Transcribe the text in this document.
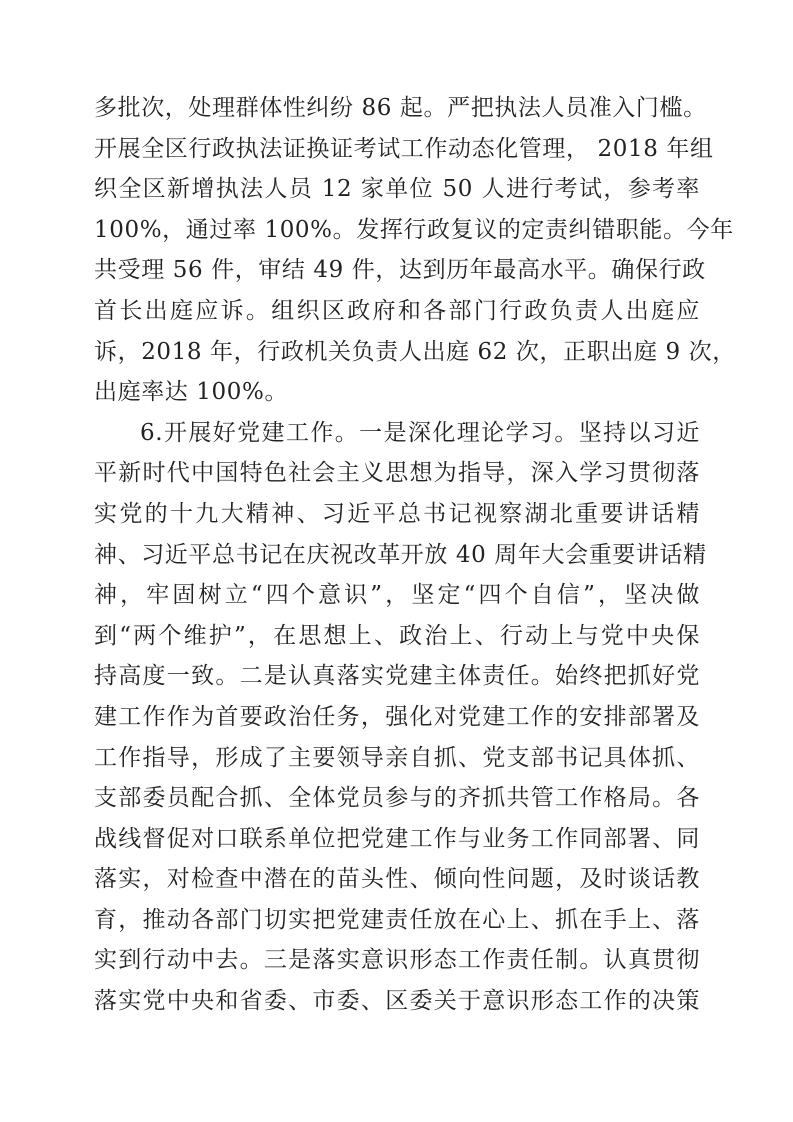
多批次，处理群体性纠纷 86 起。严把执法人员准入门槛。
开展全区行政执法证换证考试工作动态化管理， 2018 年组
织全区新增执法人员 12 家单位 50 人进行考试，参考率
100%，通过率 100%。发挥行政复议的定责纠错职能。今年
共受理 56 件，审结 49 件，达到历年最高水平。确保行政
首长出庭应诉。组织区政府和各部门行政负责人出庭应
诉，2018 年，行政机关负责人出庭 62 次，正职出庭 9 次，
出庭率达 100%。
6.开展好党建工作。一是深化理论学习。坚持以习近
平新时代中国特色社会主义思想为指导，深入学习贯彻落
实党的十九大精神、习近平总书记视察湖北重要讲话精
神、习近平总书记在庆祝改革开放 40 周年大会重要讲话精
神，牢固树立“四个意识”，坚定“四个自信”，坚决做
到“两个维护”，在思想上、政治上、行动上与党中央保
持高度一致。二是认真落实党建主体责任。始终把抓好党
建工作作为首要政治任务，强化对党建工作的安排部署及
工作指导，形成了主要领导亲自抓、党支部书记具体抓、
支部委员配合抓、全体党员参与的齐抓共管工作格局。各
战线督促对口联系单位把党建工作与业务工作同部署、同
落实，对检查中潜在的苗头性、倾向性问题，及时谈话教
育，推动各部门切实把党建责任放在心上、抓在手上、落
实到行动中去。三是落实意识形态工作责任制。认真贯彻
落实党中央和省委、市委、区委关于意识形态工作的决策
